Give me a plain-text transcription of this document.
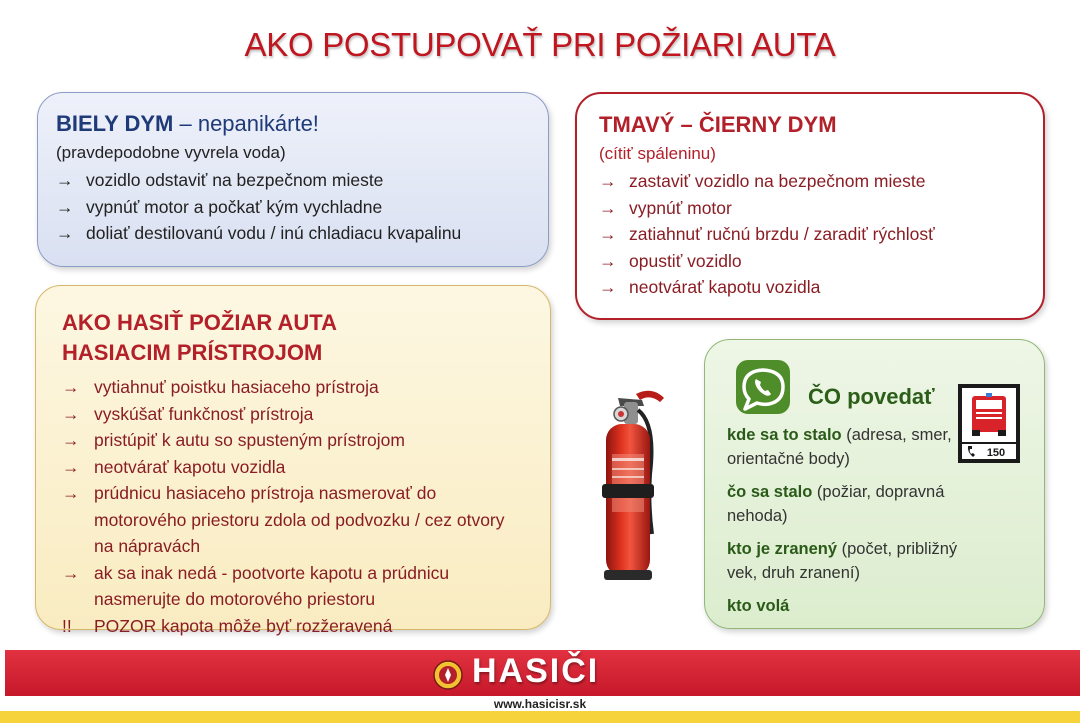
AKO POSTUPOVAŤ PRI POŽIARI AUTA
BIELY DYM – nepanikárte!
(pravdepodobne vyvrela voda)
→ vozidlo odstaviť na bezpečnom mieste
→ vypnúť motor a počkať kým vychladne
→ doliať destilovanú vodu / inú chladiacu kvapalinu
TMAVÝ – ČIERNY DYM
(cítiť spáleninu)
→ zastaviť vozidlo na bezpečnom mieste
→ vypnúť motor
→ zatiahnuť ručnú brzdu / zaradiť rýchlosť
→ opustiť vozidlo
→ neotvárať kapotu vozidla
AKO HASIŤ POŽIAR AUTA
HASIACIM PRÍSTROJOM
→ vytiahnuť poistku hasiaceho prístroja
→ vyskúšať funkčnosť prístroja
→ pristúpiť k autu so spusteným prístrojom
→ neotvárať kapotu vozidla
→ prúdnicu hasiaceho prístroja nasmerovať do motorového priestoru zdola od podvozku / cez otvory na nápravách
→ ak sa inak nedá - pootvorte kapotu a prúdnicu nasmerujte do motorového priestoru
!!	POZOR kapota môže byť rozžeravená
ČO povedať
150

kde sa to stalo (adresa, smer, orientačné body)

čo sa stalo (požiar, dopravná nehoda)

kto je zranený (počet, približný vek, druh zranení)

kto volá

HASIČI
www.hasicisr.sk
